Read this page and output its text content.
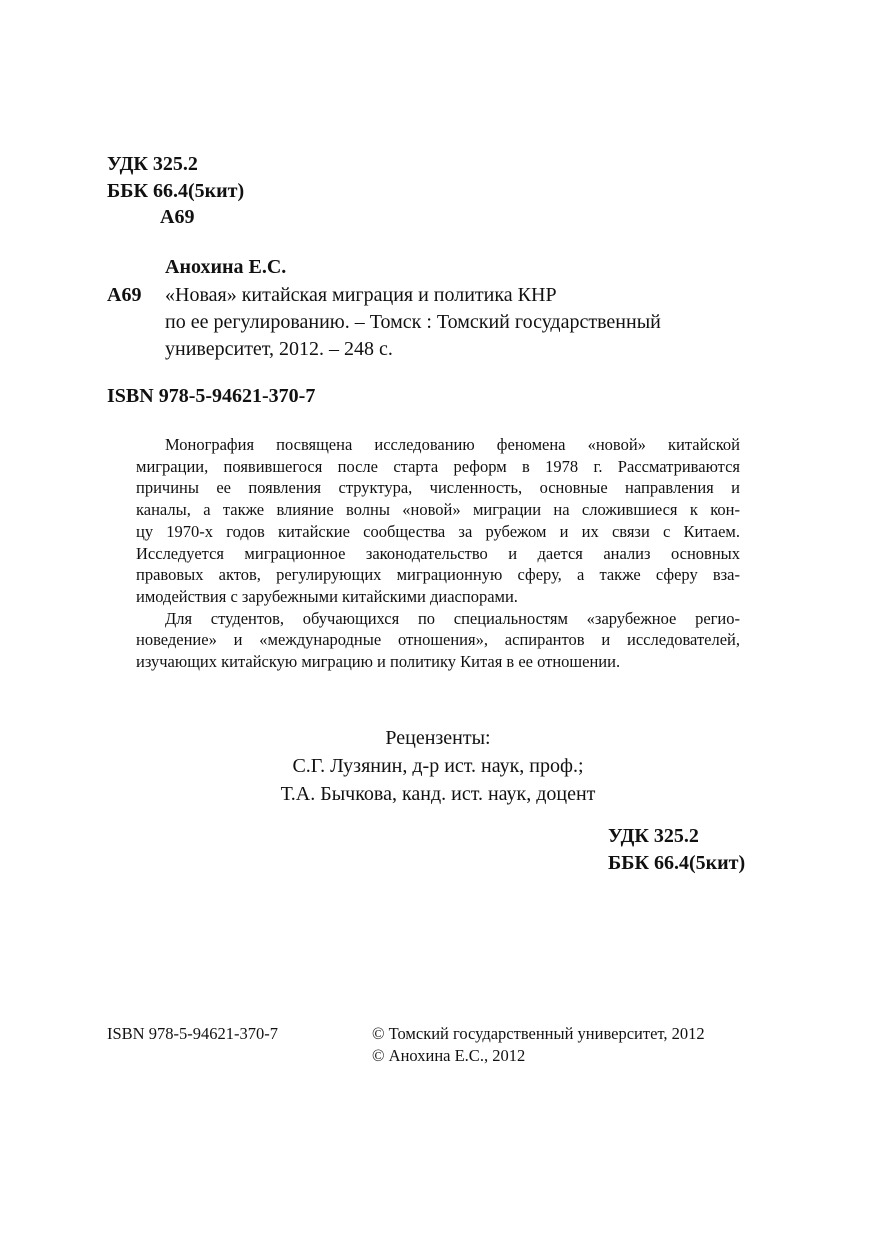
УДК 325.2
ББК 66.4(5кит)
А69
Анохина Е.С.
А69 «Новая» китайская миграция и политика КНР
по ее регулированию. – Томск : Томский государственный
университет, 2012. – 248 с.
ISBN 978-5-94621-370-7
Монография посвящена исследованию феномена «новой» китайской
миграции, появившегося после старта реформ в 1978 г. Рассматриваются
причины ее появления структура, численность, основные направления и
каналы, а также влияние волны «новой» миграции на сложившиеся к кон-
цу 1970-х годов китайские сообщества за рубежом и их связи с Китаем.
Исследуется миграционное законодательство и дается анализ основных
правовых актов, регулирующих миграционную сферу, а также сферу вза-
имодействия с зарубежными китайскими диаспорами.
Для студентов, обучающихся по специальностям «зарубежное регио-
новедение» и «международные отношения», аспирантов и исследователей,
изучающих китайскую миграцию и политику Китая в ее отношении.
Рецензенты:
С.Г. Лузянин, д-р ист. наук, проф.;
Т.А. Бычкова, канд. ист. наук, доцент
УДК 325.2
ББК 66.4(5кит)
ISBN 978-5-94621-370-7	© Томский государственный университет, 2012
© Анохина Е.С., 2012
